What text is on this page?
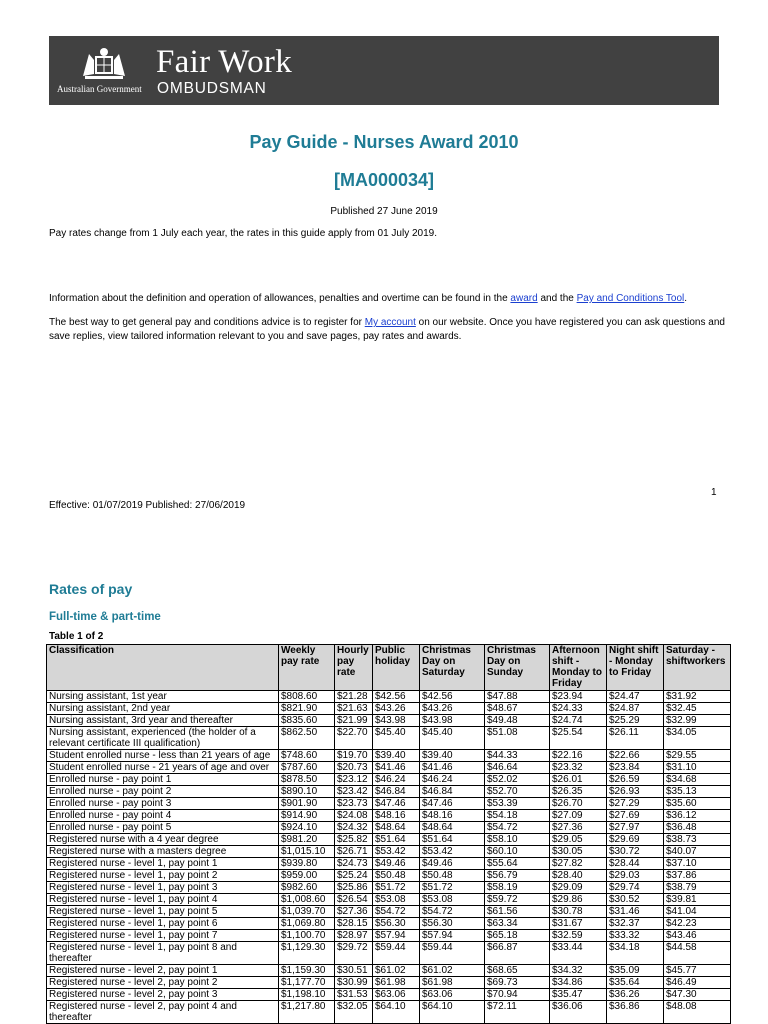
Australian Government
Fair Work
OMBUDSMAN
Pay Guide - Nurses Award 2010
[MA000034]
Published 27 June 2019
Pay rates change from 1 July each year, the rates in this guide apply from 01 July 2019.
Information about the definition and operation of allowances, penalties and overtime can be found in the award and the Pay and Conditions Tool.
The best way to get general pay and conditions advice is to register for My account on our website. Once you have registered you can ask questions and save replies, view tailored information relevant to you and save pages, pay rates and awards.
1
Effective: 01/07/2019 Published: 27/06/2019
Rates of pay
Full-time & part-time
Table 1 of 2
Classification	Weekly pay rate	Hourly pay rate	Public holiday	Christmas Day on Saturday	Christmas Day on Sunday	Afternoon shift - Monday to Friday	Night shift - Monday to Friday	Saturday - shiftworkers
Nursing assistant, 1st year	$808.60	$21.28	$42.56	$42.56	$47.88	$23.94	$24.47	$31.92
Nursing assistant, 2nd year	$821.90	$21.63	$43.26	$43.26	$48.67	$24.33	$24.87	$32.45
Nursing assistant, 3rd year and thereafter	$835.60	$21.99	$43.98	$43.98	$49.48	$24.74	$25.29	$32.99
Nursing assistant, experienced (the holder of a relevant certificate III qualification)	$862.50	$22.70	$45.40	$45.40	$51.08	$25.54	$26.11	$34.05
Student enrolled nurse - less than 21 years of age	$748.60	$19.70	$39.40	$39.40	$44.33	$22.16	$22.66	$29.55
Student enrolled nurse - 21 years of age and over	$787.60	$20.73	$41.46	$41.46	$46.64	$23.32	$23.84	$31.10
Enrolled nurse - pay point 1	$878.50	$23.12	$46.24	$46.24	$52.02	$26.01	$26.59	$34.68
Enrolled nurse - pay point 2	$890.10	$23.42	$46.84	$46.84	$52.70	$26.35	$26.93	$35.13
Enrolled nurse - pay point 3	$901.90	$23.73	$47.46	$47.46	$53.39	$26.70	$27.29	$35.60
Enrolled nurse - pay point 4	$914.90	$24.08	$48.16	$48.16	$54.18	$27.09	$27.69	$36.12
Enrolled nurse - pay point 5	$924.10	$24.32	$48.64	$48.64	$54.72	$27.36	$27.97	$36.48
Registered nurse with a 4 year degree	$981.20	$25.82	$51.64	$51.64	$58.10	$29.05	$29.69	$38.73
Registered nurse with a masters degree	$1,015.10	$26.71	$53.42	$53.42	$60.10	$30.05	$30.72	$40.07
Registered nurse - level 1, pay point 1	$939.80	$24.73	$49.46	$49.46	$55.64	$27.82	$28.44	$37.10
Registered nurse - level 1, pay point 2	$959.00	$25.24	$50.48	$50.48	$56.79	$28.40	$29.03	$37.86
Registered nurse - level 1, pay point 3	$982.60	$25.86	$51.72	$51.72	$58.19	$29.09	$29.74	$38.79
Registered nurse - level 1, pay point 4	$1,008.60	$26.54	$53.08	$53.08	$59.72	$29.86	$30.52	$39.81
Registered nurse - level 1, pay point 5	$1,039.70	$27.36	$54.72	$54.72	$61.56	$30.78	$31.46	$41.04
Registered nurse - level 1, pay point 6	$1,069.80	$28.15	$56.30	$56.30	$63.34	$31.67	$32.37	$42.23
Registered nurse - level 1, pay point 7	$1,100.70	$28.97	$57.94	$57.94	$65.18	$32.59	$33.32	$43.46
Registered nurse - level 1, pay point 8 and thereafter	$1,129.30	$29.72	$59.44	$59.44	$66.87	$33.44	$34.18	$44.58
Registered nurse - level 2, pay point 1	$1,159.30	$30.51	$61.02	$61.02	$68.65	$34.32	$35.09	$45.77
Registered nurse - level 2, pay point 2	$1,177.70	$30.99	$61.98	$61.98	$69.73	$34.86	$35.64	$46.49
Registered nurse - level 2, pay point 3	$1,198.10	$31.53	$63.06	$63.06	$70.94	$35.47	$36.26	$47.30
Registered nurse - level 2, pay point 4 and thereafter	$1,217.80	$32.05	$64.10	$64.10	$72.11	$36.06	$36.86	$48.08
